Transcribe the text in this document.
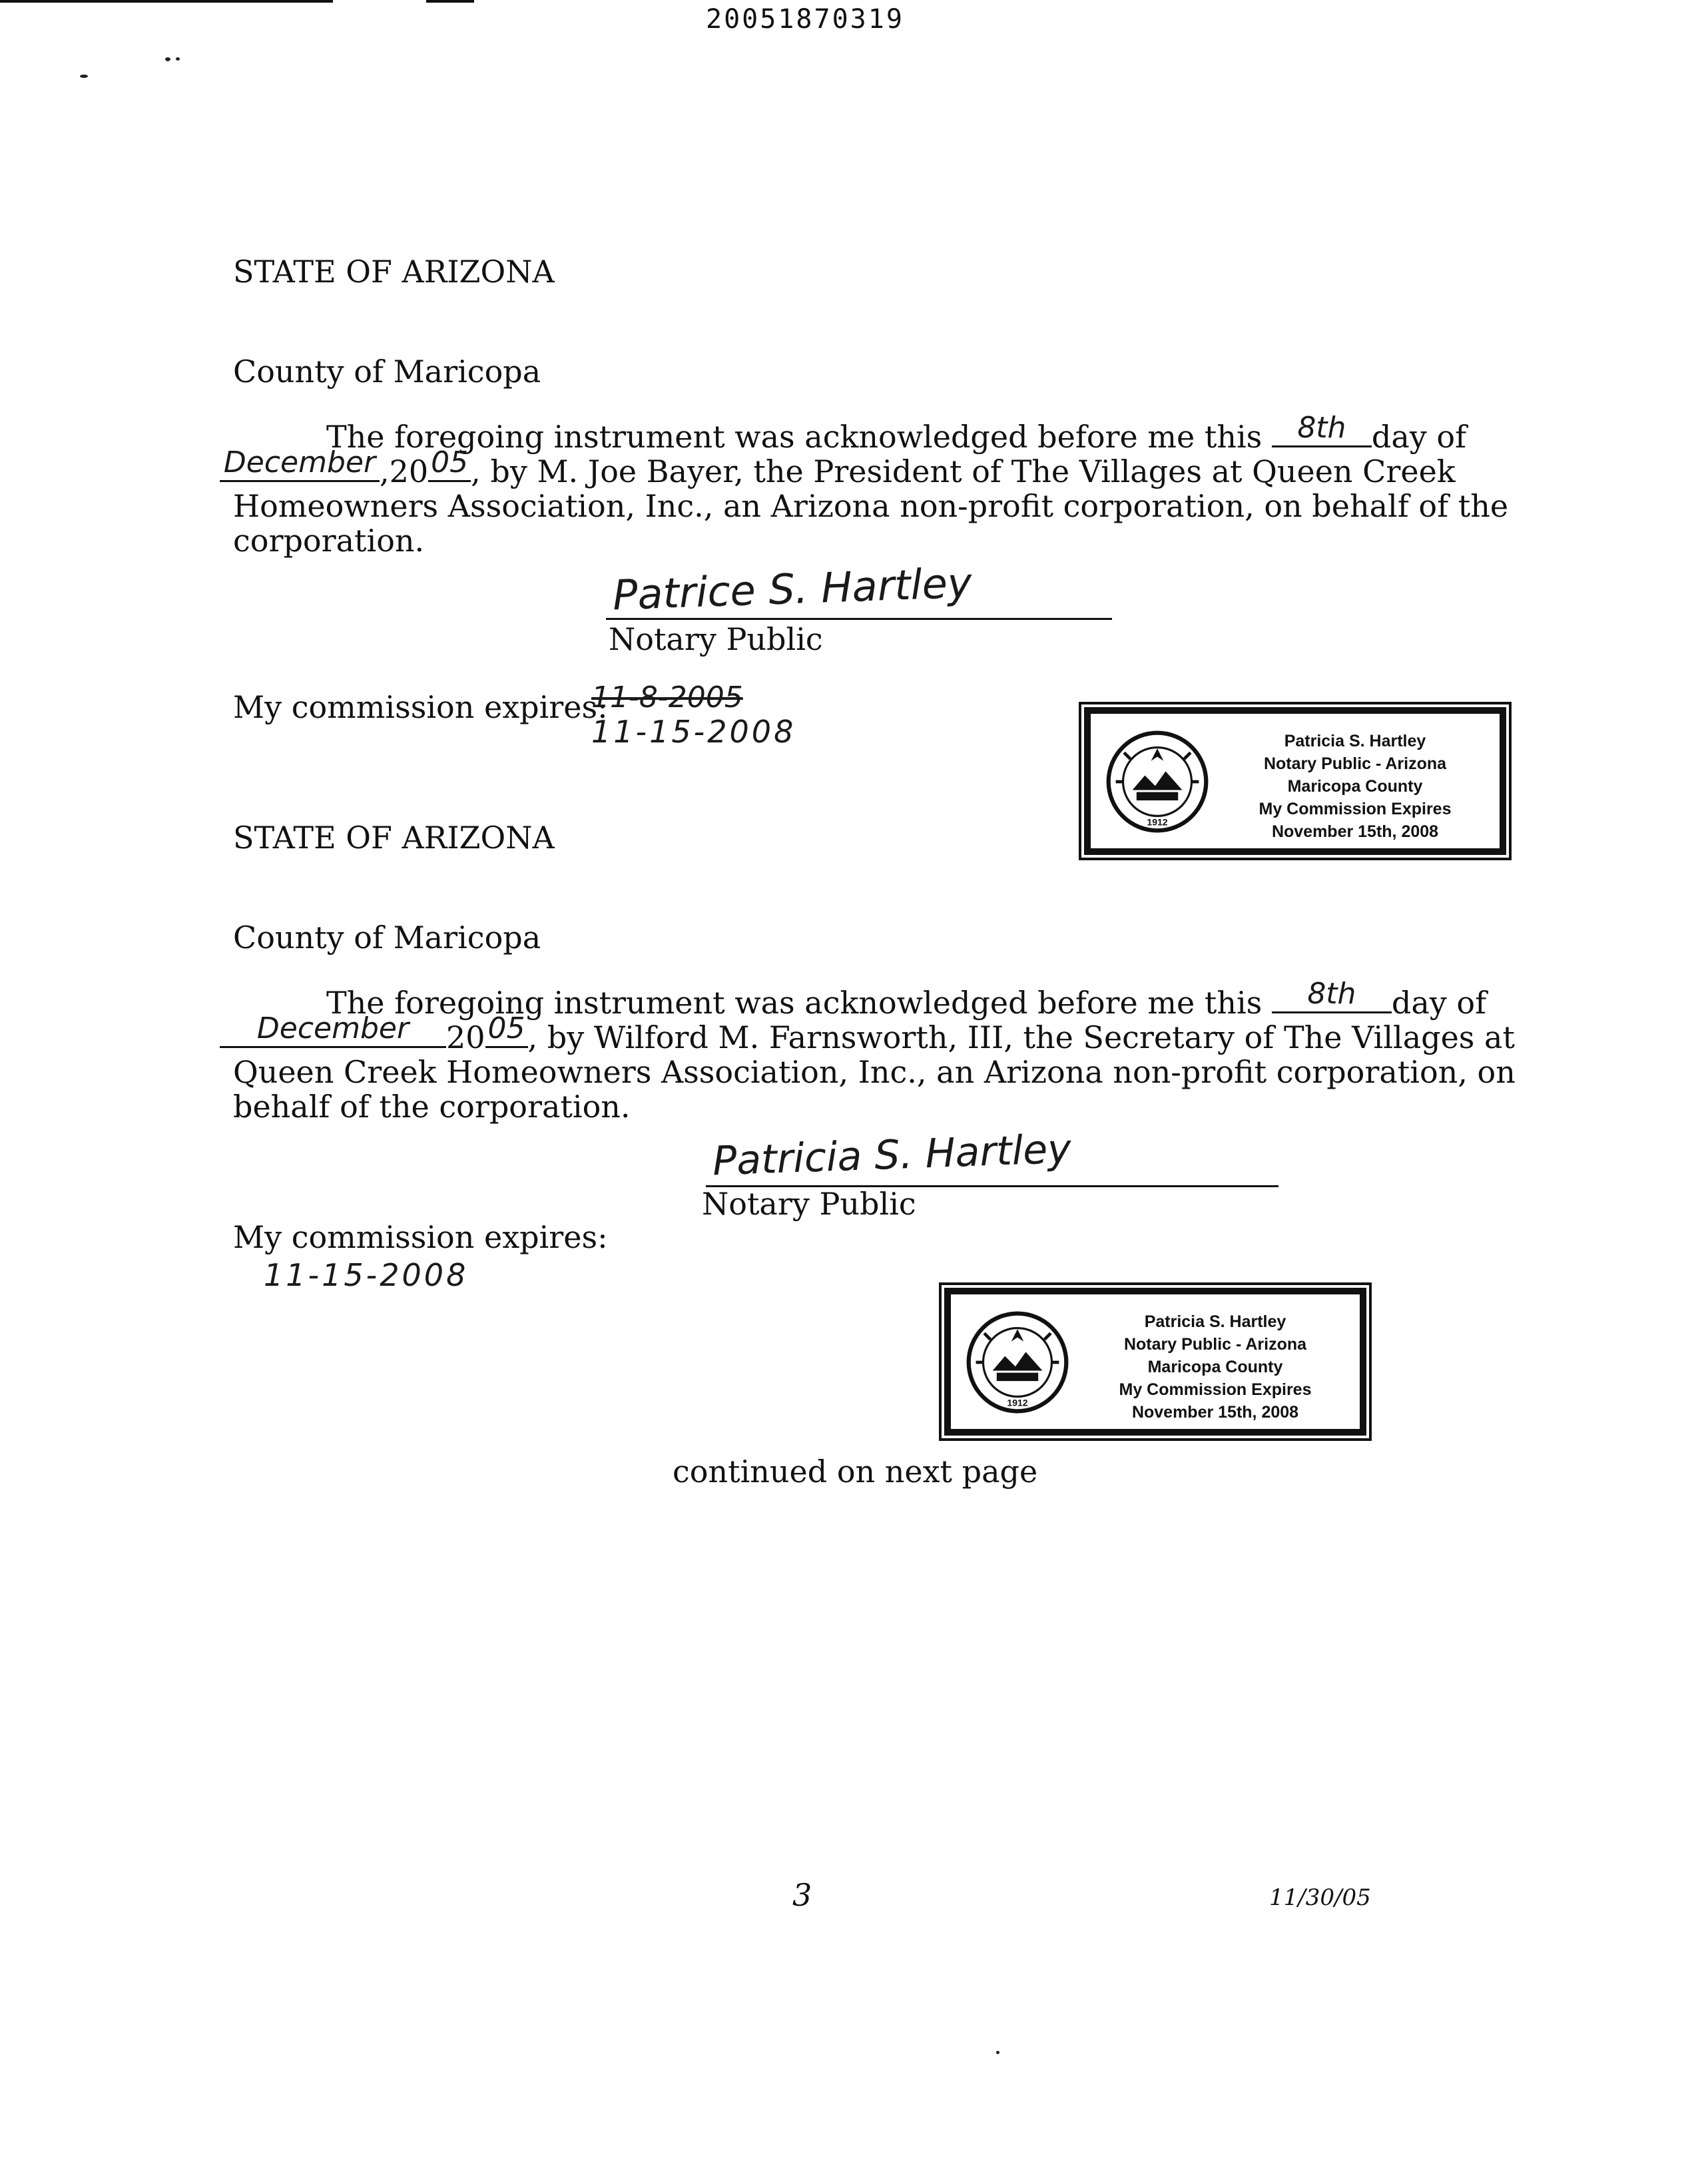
20051870319
STATE OF ARIZONA
County of Maricopa
The foregoing instrument was acknowledged before me this 8th day of
December ,20 05 , by M. Joe Bayer, the President of The Villages at Queen Creek
Homeowners Association, Inc., an Arizona non-profit corporation, on behalf of the
corporation.
Patrice S. Hartley
Notary Public
My commission expires:
11-8-2005
11-15-2008
1912
Patricia S. Hartley
Notary Public - Arizona
Maricopa County
My Commission Expires
November 15th, 2008
STATE OF ARIZONA
County of Maricopa
The foregoing instrument was acknowledged before me this	8th	day of
December	20 05 , by Wilford M. Farnsworth, III, the Secretary of The Villages at
Queen Creek Homeowners Association, Inc., an Arizona non-profit corporation, on
behalf of the corporation.
Patricia S. Hartley
Notary Public
My commission expires:
11-15-2008
1912
Patricia S. Hartley
Notary Public - Arizona
Maricopa County
My Commission Expires
November 15th, 2008
continued on next page
3	11/30/05
